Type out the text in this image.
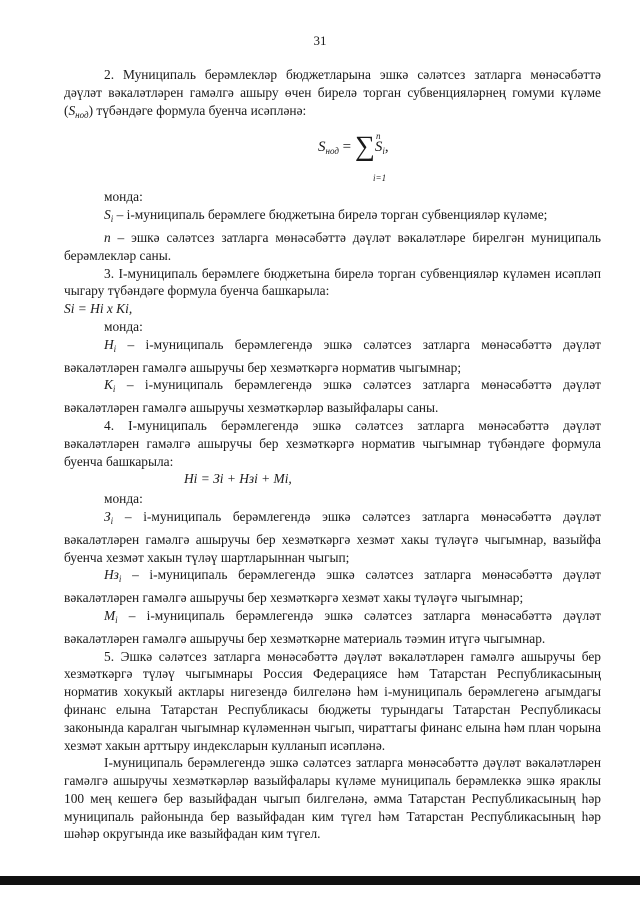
31

2. Муниципаль берәмлекләр бюджетларына эшкә сәләтсез затларга мөнәсәбәттә дәүләт вәкаләтләрен гамәлгә ашыру өчен бирелә торган субвенцияләрнең гомуми күләме $(S_{нод})$ түбәндәге формула буенча исәпләнә:

$S_{нод} = \sum S_i$,
n
i=1

монда:

$S_i$ – i-муниципаль берәмлеге бюджетына бирелә торган субвенцияләр күләме;

n – эшкә сәләтсез затларга мөнәсәбәттә дәүләт вәкаләтләре бирелгән муниципаль берәмлекләр саны.

3. I-муниципаль берәмлеге бюджетына бирелә торган субвенцияләр күләмен исәпләп чыгару түбәндәге формула буенча башкарыла:

Si = Hi x Ki,

монда:

$Н_i$ – i-муниципаль берәмлегендә эшкә сәләтсез затларга мөнәсәбәттә дәүләт вәкаләтләрен гамәлгә ашыручы бер хезмәткәргә норматив чыгымнар;

$К_i$ – i-муниципаль берәмлегендә эшкә сәләтсез затларга мөнәсәбәттә дәүләт вәкаләтләрен гамәлгә ашыручы хезмәткәрләр вазыйфалары саны.

4. I-муниципаль берәмлегендә эшкә сәләтсез затларга мөнәсәбәттә дәүләт вәкаләтләрен гамәлгә ашыручы бер хезмәткәргә норматив чыгымнар түбәндәге формула буенча башкарыла:

Hi = Зi + Нзi + Mi,

монда:

$З_i$ – i-муниципаль берәмлегендә эшкә сәләтсез затларга мөнәсәбәттә дәүләт вәкаләтләрен гамәлгә ашыручы бер хезмәткәргә хезмәт хакы түләүгә чыгымнар, вазыйфа буенча хезмәт хакын түләү шартларыннан чыгып;

$Нз_i$ – i-муниципаль берәмлегендә эшкә сәләтсез затларга мөнәсәбәттә дәүләт вәкаләтләрен гамәлгә ашыручы бер хезмәткәргә хезмәт хакы түләүгә чыгымнар;

$М_i$ – i-муниципаль берәмлегендә эшкә сәләтсез затларга мөнәсәбәттә дәүләт вәкаләтләрен гамәлгә ашыручы бер хезмәткәрне материаль тәэмин итүгә чыгымнар.

5. Эшкә сәләтсез затларга мөнәсәбәттә дәүләт вәкаләтләрен гамәлгә ашыручы бер хезмәткәргә түләү чыгымнары Россия Федерациясе һәм Татарстан Республикасының норматив хокукый актлары нигезендә билгеләнә һәм i-муниципаль берәмлегенә агымдагы финанс елына Татарстан Республикасы бюджеты турындагы Татарстан Республикасы законында каралган чыгымнар күләменнән чыгып, чираттагы финанс елына һәм план чорына хезмәт хакын арттыру индексларын кулланып исәпләнә.

I-муниципаль берәмлегендә эшкә сәләтсез затларга мөнәсәбәттә дәүләт вәкаләтләрен гамәлгә ашыручы хезмәткәрләр вазыйфалары күләме муниципаль берәмлеккә эшкә яраклы 100 мең кешегә бер вазыйфадан чыгып билгеләнә, әмма Татарстан Республикасының һәр муниципаль районында бер вазыйфадан ким түгел һәм Татарстан Республикасының һәр шәһәр округында ике вазыйфадан ким түгел.
